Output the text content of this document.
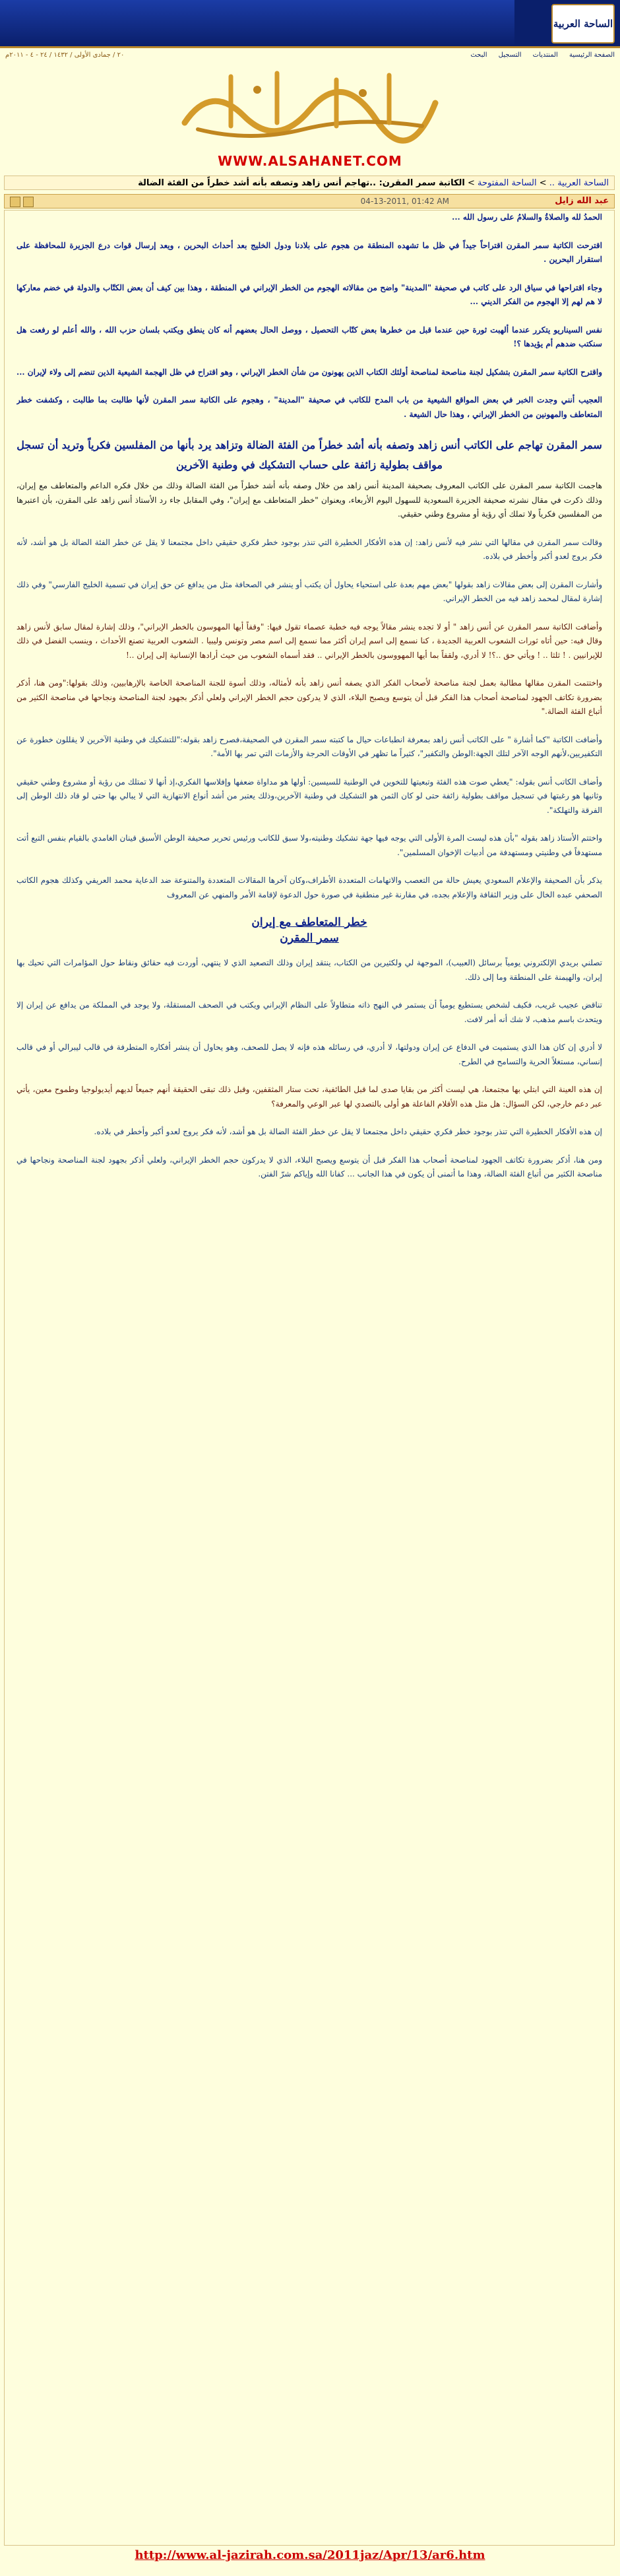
الساحة العربية
الصفحة الرئيسية المنتديات التسجيل البحث
٢٠ / جمادى الأولى / ١٤٣٢ / ٢٤ - ٤ - ٢٠١١م
WWW.ALSAHANET.COM
الساحة العربية .. > الساحة المفتوحة > الكاتبة سمر المقرن: ..تهاجم أنس زاهد وتصفه بأنه أشد خطراً من الفئة الضالة
عبد الله زايل
04-13-2011, 01:42 AM

الحمدُ لله والصلاةُ والسلامُ على رسول الله ...

اقترحت الكاتبة سمر المقرن اقتراحاً جيداً في ظل ما تشهده المنطقة من هجوم على بلادنا ودول الخليج بعد أحداث البحرين ، ويعد إرسال قوات درع الجزيرة للمحافظة على استقرار البحرين .

وجاء اقتراحها في سياق الرد على كاتب في صحيفة "المدينة" واضح من مقالاته الهجوم من الخطر الإيراني في المنطقة ، وهذا بين كيف أن بعض الكتّاب والدولة في خضم معاركها لا هم لهم إلا الهجوم من الفكر الديني ...

نفس السيناريو يتكرر عندما ألهبت ثورة حين عندما قبل من خطرها بعض كتّاب التحصيل ، ووصل الحال بعضهم أنه كان ينطق ويكتب بلسان حزب الله ، والله أعلم لو رفعت هل سنكتب ضدهم أم يؤيدها ؟!

واقترح الكاتبة سمر المقرن بتشكيل لجنة مناصحة لمناصحة أولئك الكتاب الذين يهونون من شأن الخطر الإيراني ، وهو اقتراح في ظل الهجمة الشيعية الذين تنضم إلى ولاء لإيران ...

العجيب أنني وجدت الخبر في بعض المواقع الشيعية من باب المدح للكاتب في صحيفة "المدينة" ، وهجوم على الكاتبة سمر المقرن لأنها طالبت بما طالبت ، وكشفت خطر المتعاطف والمهونين من الخطر الإيراني ، وهذا حال الشيعة .

سمر المقرن تهاجم على الكاتب أنس زاهد وتصفه بأنه أشد خطراً من الفئة الضالة وتزاهد يرد بأنها من المفلسين فكرياً وتريد أن تسجل مواقف بطولية زائفة على حساب التشكيك في وطنية الآخرين

هاجمت الكاتبة سمر المقرن على الكاتب المعروف بصحيفة المدينة أنس زاهد من خلال وصفه بأنه أشد خطراً من الفئة الضالة وذلك من خلال فكره الداعم والمتعاطف مع إيران، وذلك ذكرت في مقال نشرته صحيفة الجزيرة السعودية للسهول اليوم الأربعاء، ويعنوان "خطر المتعاطف مع إيران"، وفي المقابل جاء رد الأستاذ أنس زاهد على المقرن، بأن اعتبرها من المفلسين فكرياً ولا تملك أي رؤية أو مشروع وطني حقيقي.

وقالت سمر المقرن في مقالها التي نشر فيه لأنس زاهد: إن هذه الأفكار الخطيرة التي تنذر بوجود خطر فكري حقيقي داخل مجتمعنا لا يقل عن خطر الفئة الضالة بل هو أشد، لأنه فكر يروج لعدو أكبر وأخطر في بلاده.

وأشارت المقرن إلى بعض مقالات زاهد بقولها "بعض مهم بعدة على استحياء يحاول أن يكتب أو ينشر في الصحافة مثل من يدافع عن حق إيران في تسمية الخليج الفارسي" وفي ذلك إشارة لمقال لمحمد زاهد فيه من الخطر الإيراني.

وأضافت الكاتبة سمر المقرن عن أنس زاهد " أو لا تجده ينشر مقالاً يوجه فيه خطبة عصماء تقول فيها: "وقفاً أيها المهوسون بالخطر الإيراني"، وذلك إشارة لمقال سابق لأنس زاهد وقال فيه: حين أتاه ثورات الشعوب العربية الجديدة ، كنا نسمع إلى اسم إيران أكثر مما نسمع إلى اسم مصر وتونس وليبيا . الشعوب العربية تصنع الأحداث ، وينسب الفضل في ذلك للإيرانيين . ! ثلثا .. ! ويأتي حق ..؟! لا أدري، ولقفاً بما أيها المهووسون بالخطر الإيراني .. فقد أسماه الشعوب من حيث أرادها الإنسانية إلى إيران ..!

واختتمت المقرن مقالها مطالبة بعمل لجنة مناصحة لأصحاب الفكر الذي يصفه أنس زاهد بأنه لأمثاله، وذلك أسوة للجنة المناصحة الخاصة بالإرهابيين، وذلك بقولها:"ومن هنا، أذكر بضرورة تكاتف الجهود لمناصحة أصحاب هذا الفكر قبل أن يتوسع ويصبح البلاء، الذي لا يدركون حجم الخطر الإيراني ولعلي أذكر بجهود لجنة المناصحة ونجاحها في مناصحة الكثير من أتباع الفئة الضالة."

وأضافت الكاتبة "كما أشارة " على الكاتب أنس زاهد بمعرفة انطباعات حيال ما كتبته سمر المقرن في الصحيفة،فصرح زاهد بقوله:"للتشكيك في وطنية الآخرين لا يقللون خطورة عن التكفيريين،لأنهم الوجه الآخر لتلك الجهة:الوطن والتكفير"، كثيراً ما تظهر في الأوقات الحرجة والأزمات التي تمر بها الأمة".

وأضاف الكاتب أنس بقوله: "يعطي صوت هذه الفئة وتبعيتها للتخوين في الوطنية للسيسين: أولها هو مداواة ضعفها وإفلاسها الفكري،إذ أنها لا تمتلك من رؤية أو مشروع وطني حقيقي وثانيها هو رغبتها في تسجيل مواقف بطولية زائفة حتى لو كان الثمن هو التشكيك في وطنية الآخرين،وذلك يعتبر من أشد أنواع الانتهازية التي لا يبالي بها حتى لو قاد ذلك الوطن إلى الفرقة والتهلكة".

واختتم الأستاذ زاهد بقوله "بأن هذه ليست المرة الأولى التي يوجه فيها جهة تشكيك وطنيته،ولا سبق للكاتب ورئيس تحرير صحيفة الوطن الأسبق قينان الغامدي بالقيام بنفس التبع أتت مستهدفاً في وطنيتي ومستهدفة من أدبيات الإخوان المسلمين".

يذكر بأن الصحيفة والإعلام السعودي يعيش حالة من التعصب والاتهامات المتعددة الأطراف،وكان آخرها المقالات المتعددة والمتنوعة ضد الدعاية محمد العريفي وكذلك هجوم الكاتب الصحفي عبده الخال على وزير الثقافة والإعلام بجده، في مقارنة غير منطقية في صورة حول الدعوة لإقامة الأمر والمنهي عن المعروف

خطر المتعاطف مع إيران
سمر المقرن

تصلني بريدي الإلكتروني يومياً برسائل (العبيب)، الموجهة لي ولكثيرين من الكتاب، ينتقد إيران وذلك التصعيد الذي لا ينتهي، أوردت فيه حقائق ونقاط حول المؤامرات التي تحيك بها إيران، والهيمنة على المنطقة وما إلى ذلك.

تناقض عجيب غريب، فكيف لشخص يستطيع يومياً أن يستمر في النهج ذاته متطاولاً على النظام الإيراني ويكتب في الصحف المستقلة، ولا يوجد في المملكة من يدافع عن إيران إلا ويتحدث باسم مذهب، لا شك أنه أمر لافت.

لا أدري إن كان هذا الذي يستميت في الدفاع عن إيران ودولتها، لا أدري، في رسائله هذه فإنه لا يصل للصحف، وهو يحاول أن ينشر أفكاره المتطرفة في قالب ليبرالي أو في قالب إنساني، مستغلاً الحرية والتسامح في الطرح.

إن هذه العينة التي ابتلي بها مجتمعنا، هي ليست أكثر من بقايا صدى لما قبل الطائفية، تحت ستار المثقفين، وقبل ذلك تبقى الحقيقة أنهم جميعاً لديهم أيديولوجيا وطموح معين، يأتي عبر دعم خارجي، لكن السؤال: هل مثل هذه الأقلام الفاعلة هو أولى بالتصدي لها عبر الوعي والمعرفة؟

إن هذه الأفكار الخطيرة التي تنذر بوجود خطر فكري حقيقي داخل مجتمعنا لا يقل عن خطر الفئة الضالة بل هو أشد، لأنه فكر يروج لعدو أكبر وأخطر في بلاده.

ومن هنا، أذكر بضرورة تكاتف الجهود لمناصحة أصحاب هذا الفكر قبل أن يتوسع ويصبح البلاء، الذي لا يدركون حجم الخطر الإيراني، ولعلي أذكر بجهود لجنة المناصحة ونجاحها في مناصحة الكثير من أتباع الفئة الضالة، وهذا ما أتمنى أن يكون في هذا الجانب ... كفانا الله وإياكم شرّ الفتن.

http://www.al-jazirah.com.sa/2011jaz/Apr/13/ar6.htm
